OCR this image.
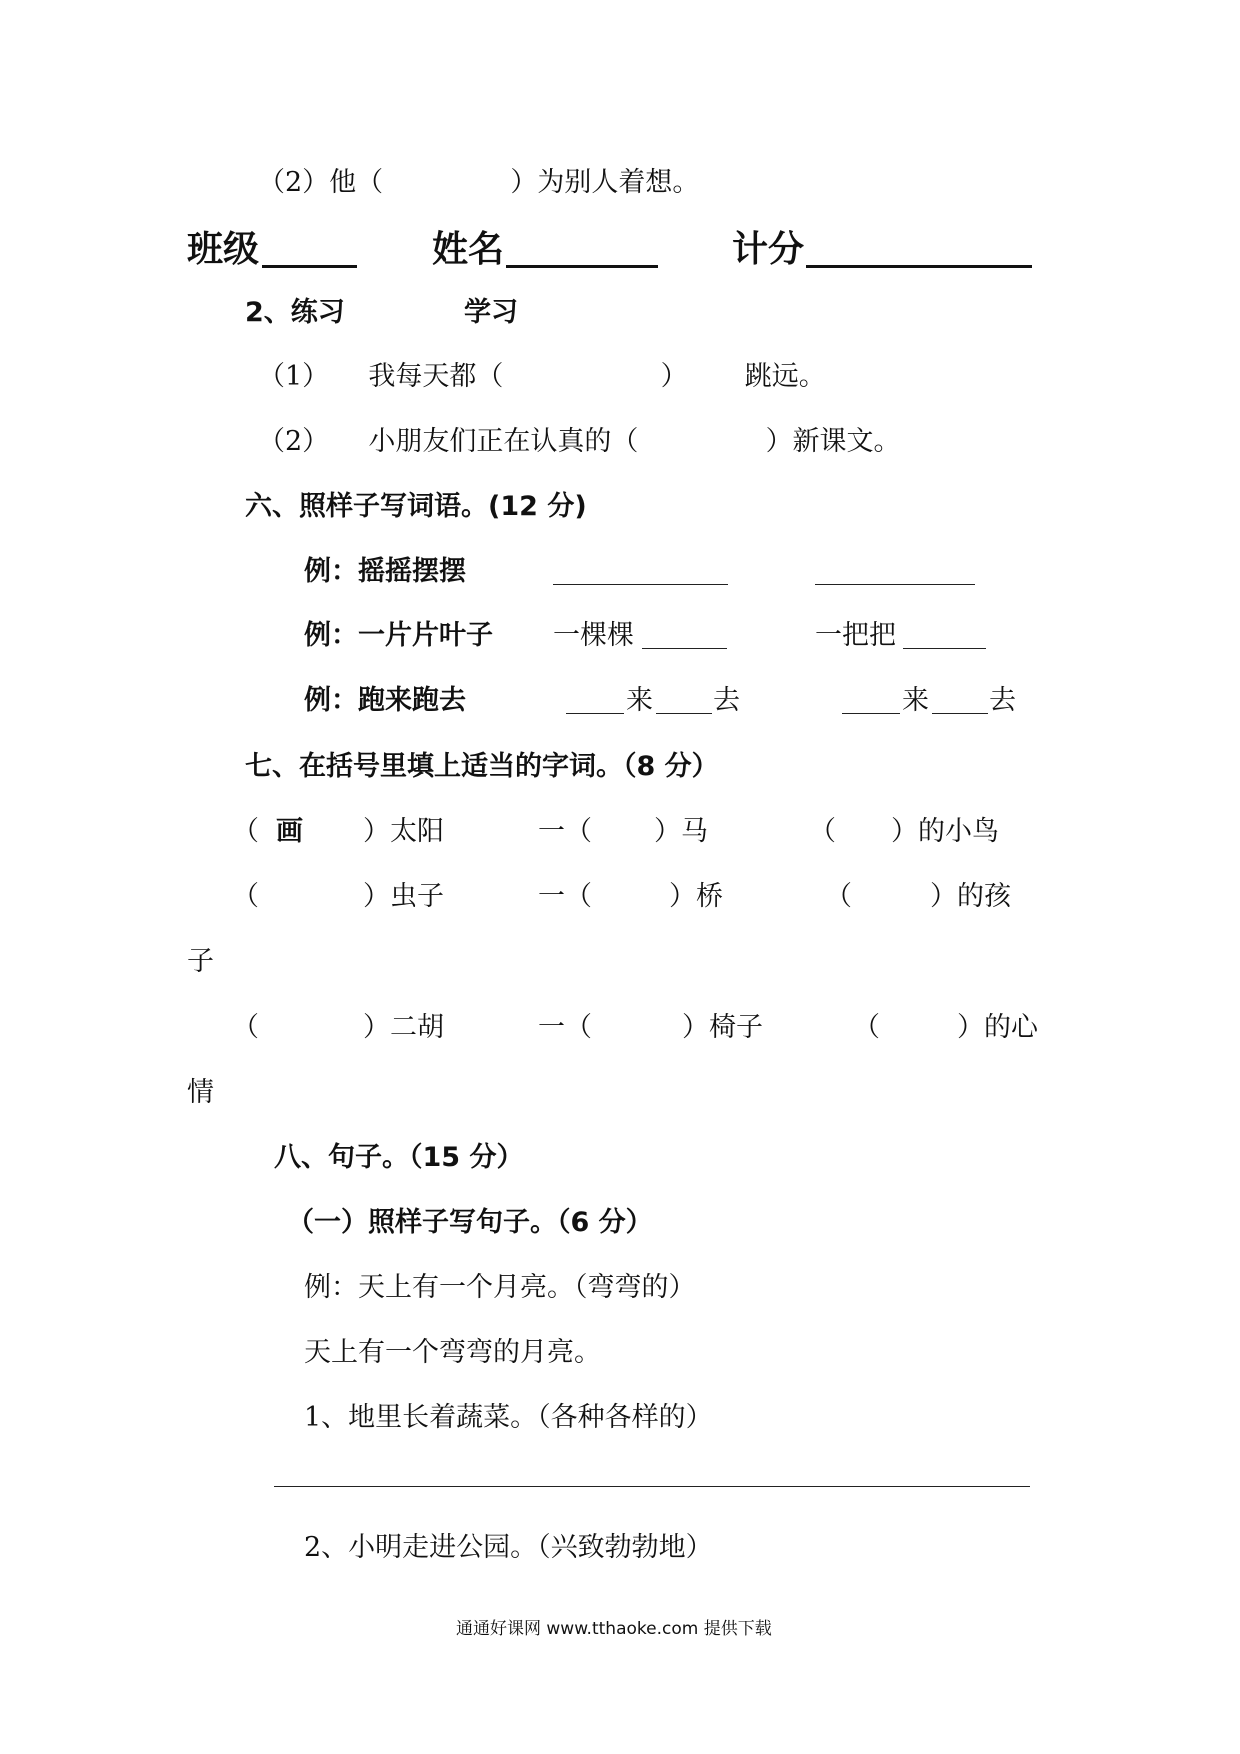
（2）他（	）为别人着想。
班级	姓名	计分
2、练习	学习
（1） 我每天都（	） 跳远。
（2） 小朋友们正在认真的（	）新课文。
六、照样子写词语。(12 分)
例：摇摇摆摆
例：一片片叶子 一棵棵	一把把
例：跑来跑去	来 去	来 去
七、在括号里填上适当的字词。（8 分）
（ 画 ）太阳	一（ ）马	（ ）的小鸟
（	）虫子	一（	）桥	（	）的孩
子
（	）二胡	一（	）椅子	（	）的心
情
八、句子。（15 分）
（一）照样子写句子。（6 分）
例：天上有一个月亮。（弯弯的）
天上有一个弯弯的月亮。
1、地里长着蔬菜。（各种各样的）
2、小明走进公园。（兴致勃勃地）
通通好课网 www.tthaoke.com 提供下载
